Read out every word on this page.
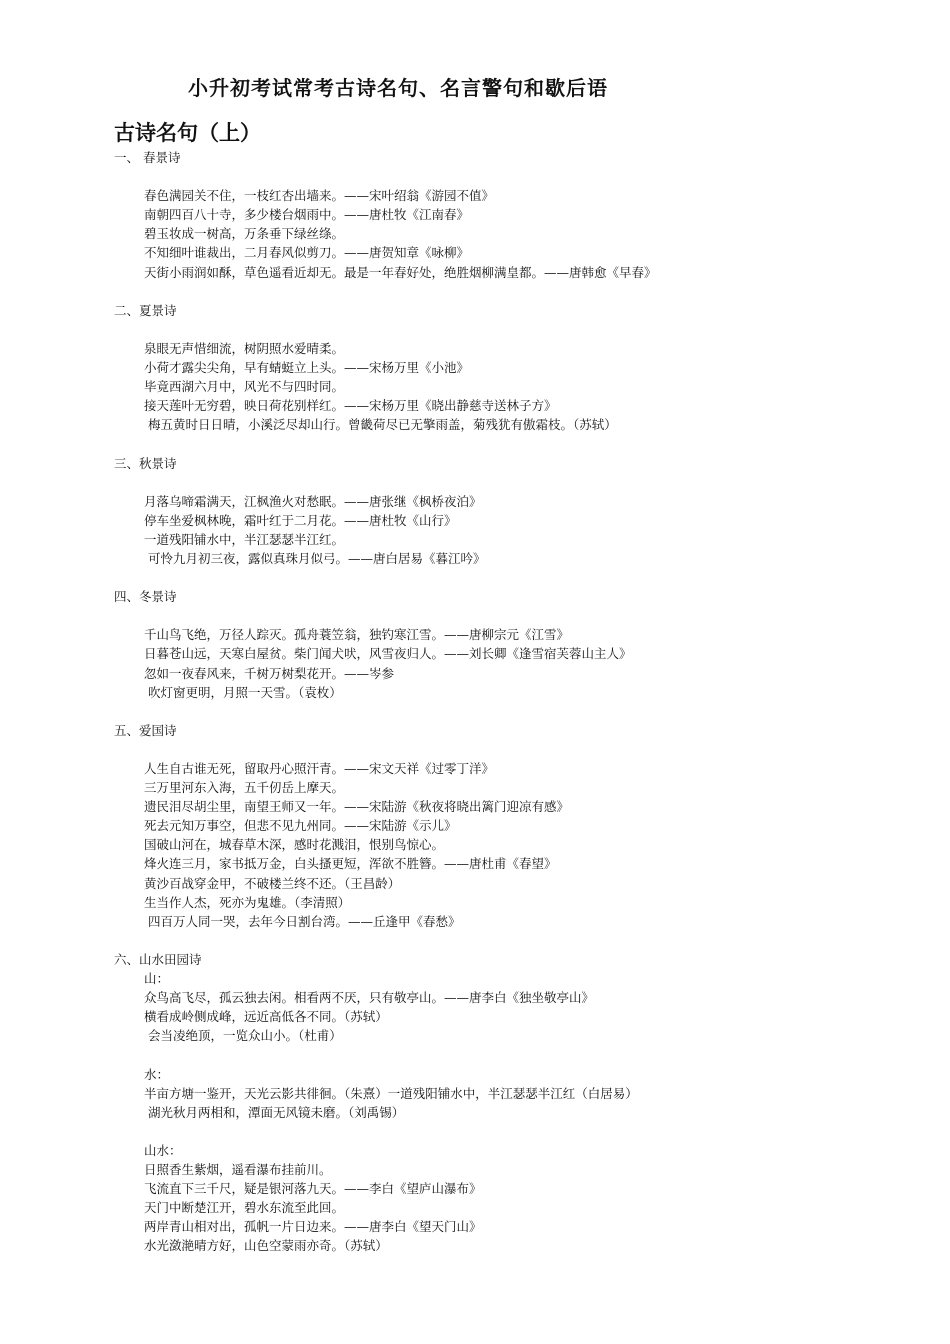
小升初考试常考古诗名句、名言警句和歇后语
古诗名句（上）
一、 春景诗
春色满园关不住，一枝红杏出墙来。——宋叶绍翁《游园不值》
南朝四百八十寺，多少楼台烟雨中。——唐杜牧《江南春》
碧玉妆成一树高，万条垂下绿丝绦。
不知细叶谁裁出，二月春风似剪刀。——唐贺知章《咏柳》
天街小雨润如酥，草色遥看近却无。最是一年春好处，绝胜烟柳满皇都。——唐韩愈《早春》
二、夏景诗
泉眼无声惜细流，树阴照水爱晴柔。
小荷才露尖尖角，早有蜻蜓立上头。——宋杨万里《小池》
毕竟西湖六月中，风光不与四时同。
接天莲叶无穷碧，映日荷花别样红。——宋杨万里《晓出静慈寺送林子方》
梅五黄时日日晴，小溪泛尽却山行。曾畿荷尽已无擎雨盖，菊残犹有傲霜枝。（苏轼）
三、秋景诗
月落乌啼霜满天，江枫渔火对愁眠。——唐张继《枫桥夜泊》
停车坐爱枫林晚，霜叶红于二月花。——唐杜牧《山行》
一道残阳铺水中，半江瑟瑟半江红。
可怜九月初三夜，露似真珠月似弓。——唐白居易《暮江吟》
四、冬景诗
千山鸟飞绝，万径人踪灭。孤舟蓑笠翁，独钓寒江雪。——唐柳宗元《江雪》
日暮苍山远，天寒白屋贫。柴门闻犬吠，风雪夜归人。——刘长卿《逢雪宿芙蓉山主人》
忽如一夜春风来，千树万树梨花开。——岑参
吹灯窗更明，月照一天雪。（袁枚）
五、爱国诗
人生自古谁无死，留取丹心照汗青。——宋文天祥《过零丁洋》
三万里河东入海，五千仞岳上摩天。
遗民泪尽胡尘里，南望王师又一年。——宋陆游《秋夜将晓出篱门迎凉有感》
死去元知万事空，但悲不见九州同。——宋陆游《示儿》
国破山河在，城春草木深，感时花溅泪，恨别鸟惊心。
烽火连三月，家书抵万金，白头搔更短，浑欲不胜簪。——唐杜甫《春望》
黄沙百战穿金甲，不破楼兰终不还。（王昌龄）
生当作人杰，死亦为鬼雄。（李清照）
四百万人同一哭，去年今日割台湾。——丘逢甲《春愁》
六、山水田园诗
山：
众鸟高飞尽，孤云独去闲。相看两不厌，只有敬亭山。——唐李白《独坐敬亭山》
横看成岭侧成峰，远近高低各不同。（苏轼）
会当凌绝顶，一览众山小。（杜甫）
水：
半亩方塘一鉴开，天光云影共徘徊。（朱熹）一道残阳铺水中，半江瑟瑟半江红（白居易）
湖光秋月两相和，潭面无风镜未磨。（刘禹锡）
山水：
日照香生紫烟，遥看瀑布挂前川。
飞流直下三千尺，疑是银河落九天。——李白《望庐山瀑布》
天门中断楚江开，碧水东流至此回。
两岸青山相对出，孤帆一片日边来。——唐李白《望天门山》
水光潋滟晴方好，山色空蒙雨亦奇。（苏轼）
